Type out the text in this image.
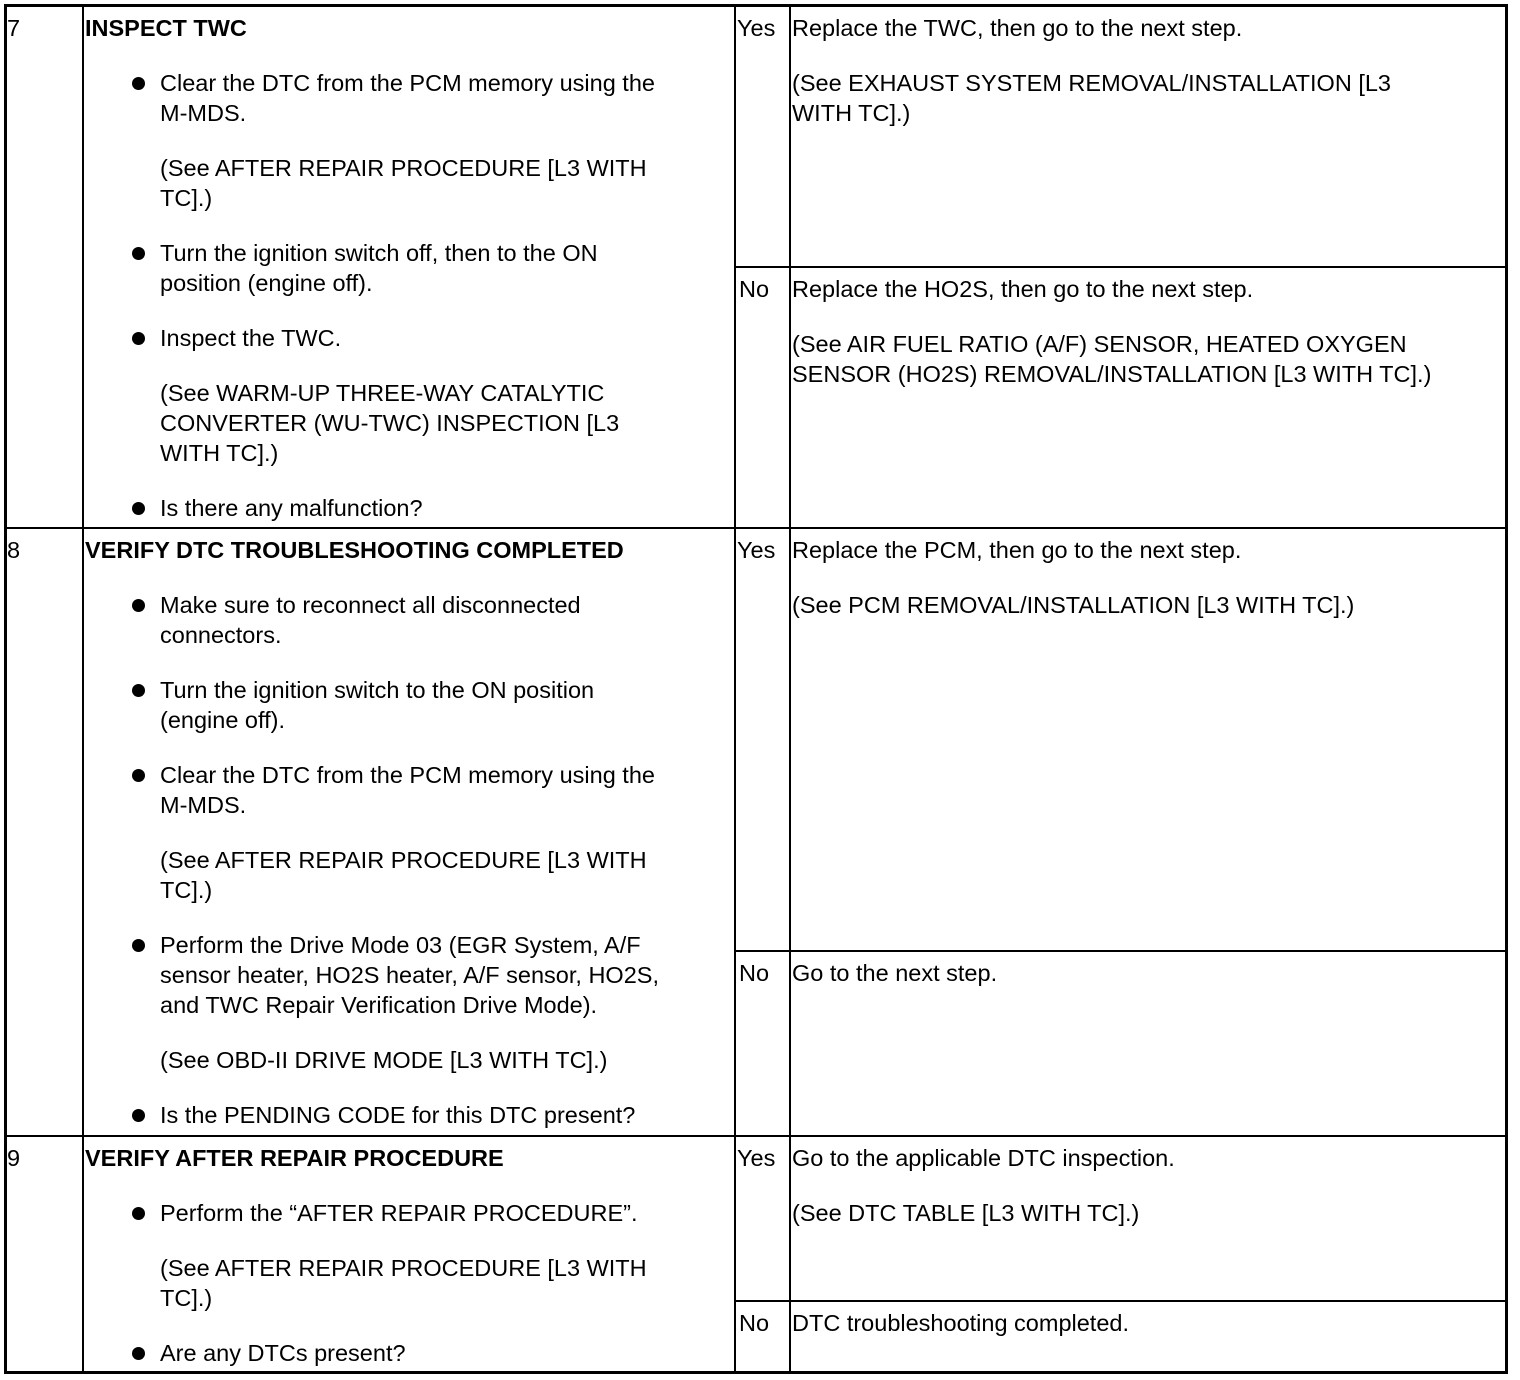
7	INSPECT TWC
Clear the DTC from the PCM memory using the
M-MDS.
(See AFTER REPAIR PROCEDURE [L3 WITH
TC].)
Turn the ignition switch off, then to the ON
position (engine off).
Inspect the TWC.
(See WARM-UP THREE-WAY CATALYTIC
CONVERTER (WU-TWC) INSPECTION [L3
WITH TC].)
Is there any malfunction?
Yes Replace the TWC, then go to the next step.
(See EXHAUST SYSTEM REMOVAL/INSTALLATION [L3
WITH TC].)
No Replace the HO2S, then go to the next step.
(See AIR FUEL RATIO (A/F) SENSOR, HEATED OXYGEN
SENSOR (HO2S) REMOVAL/INSTALLATION [L3 WITH TC].)
8	VERIFY DTC TROUBLESHOOTING COMPLETED
Make sure to reconnect all disconnected
connectors.
Turn the ignition switch to the ON position
(engine off).
Clear the DTC from the PCM memory using the
M-MDS.
(See AFTER REPAIR PROCEDURE [L3 WITH
TC].)
Perform the Drive Mode 03 (EGR System, A/F
sensor heater, HO2S heater, A/F sensor, HO2S,
and TWC Repair Verification Drive Mode).
(See OBD-II DRIVE MODE [L3 WITH TC].)
Is the PENDING CODE for this DTC present?
Yes Replace the PCM, then go to the next step.
(See PCM REMOVAL/INSTALLATION [L3 WITH TC].)
No Go to the next step.
9	VERIFY AFTER REPAIR PROCEDURE
Perform the “AFTER REPAIR PROCEDURE”.
(See AFTER REPAIR PROCEDURE [L3 WITH
TC].)
Are any DTCs present?
Yes Go to the applicable DTC inspection.
(See DTC TABLE [L3 WITH TC].)
No DTC troubleshooting completed.
